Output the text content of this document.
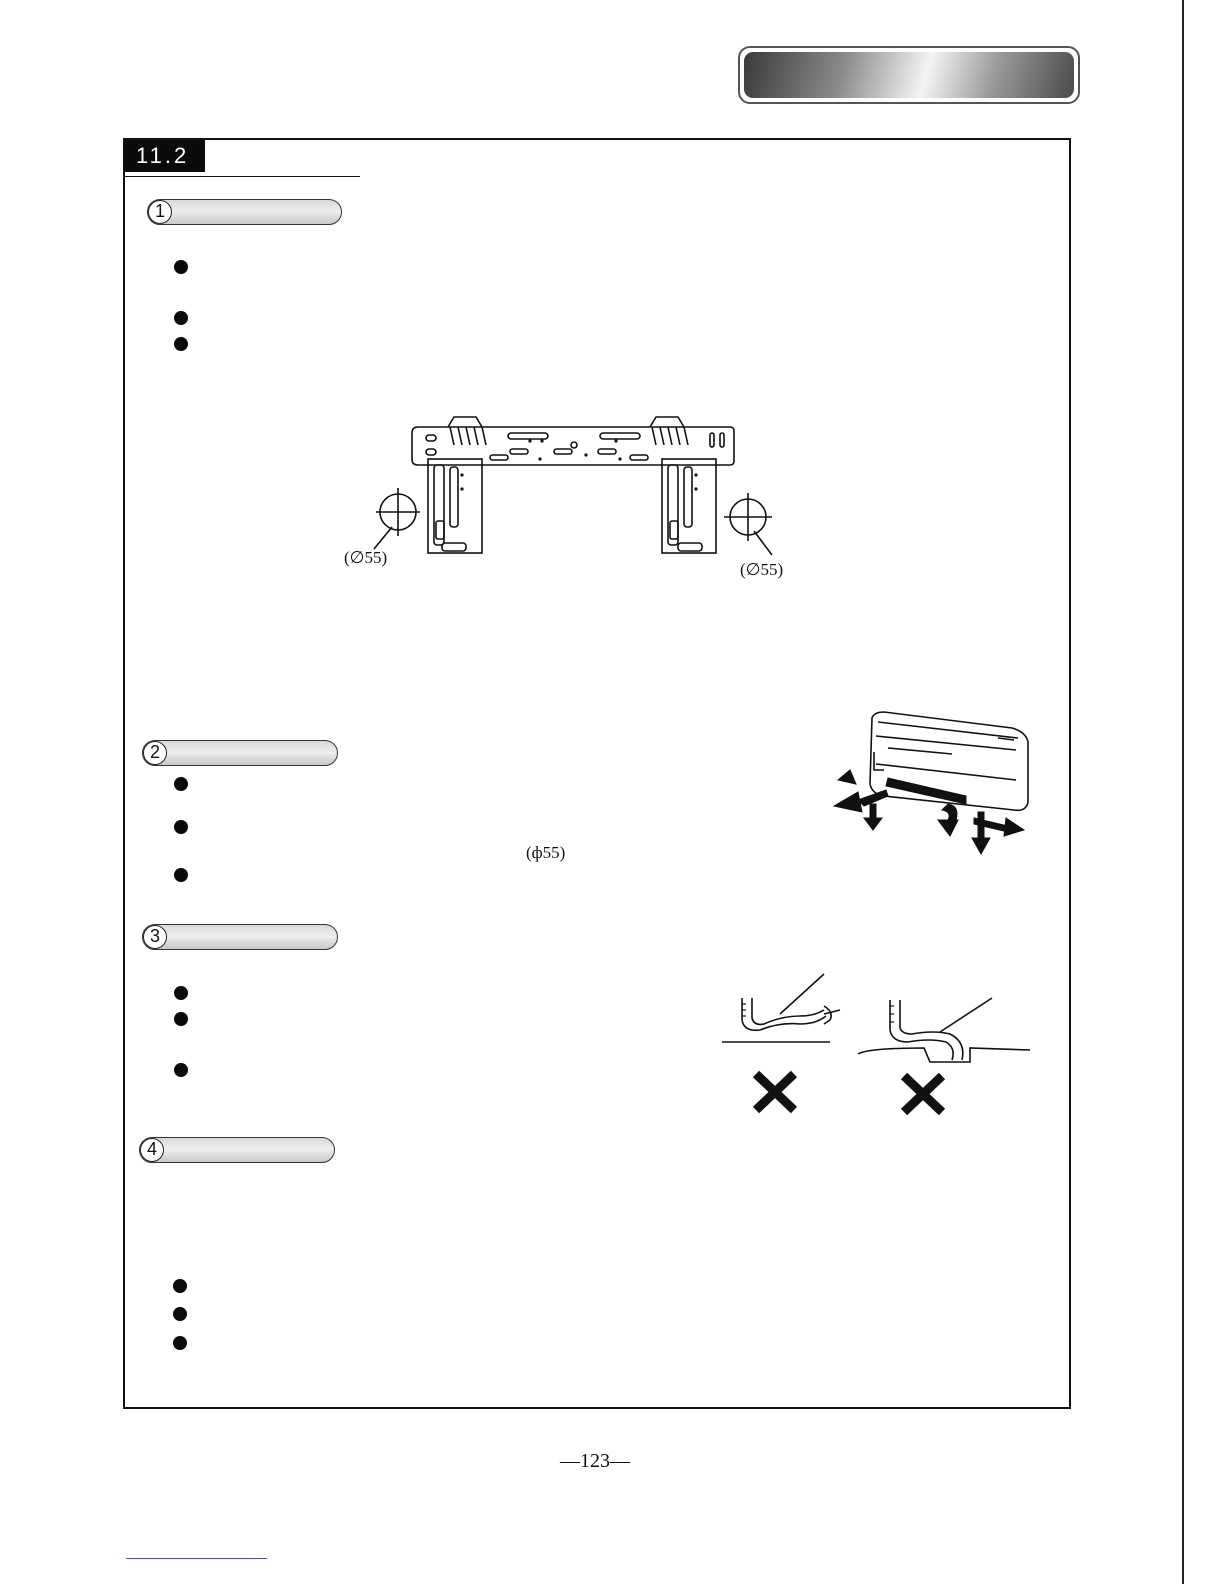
11.2
1
(∅55)
(∅55)
2
(ф55)
3
4
—123—
